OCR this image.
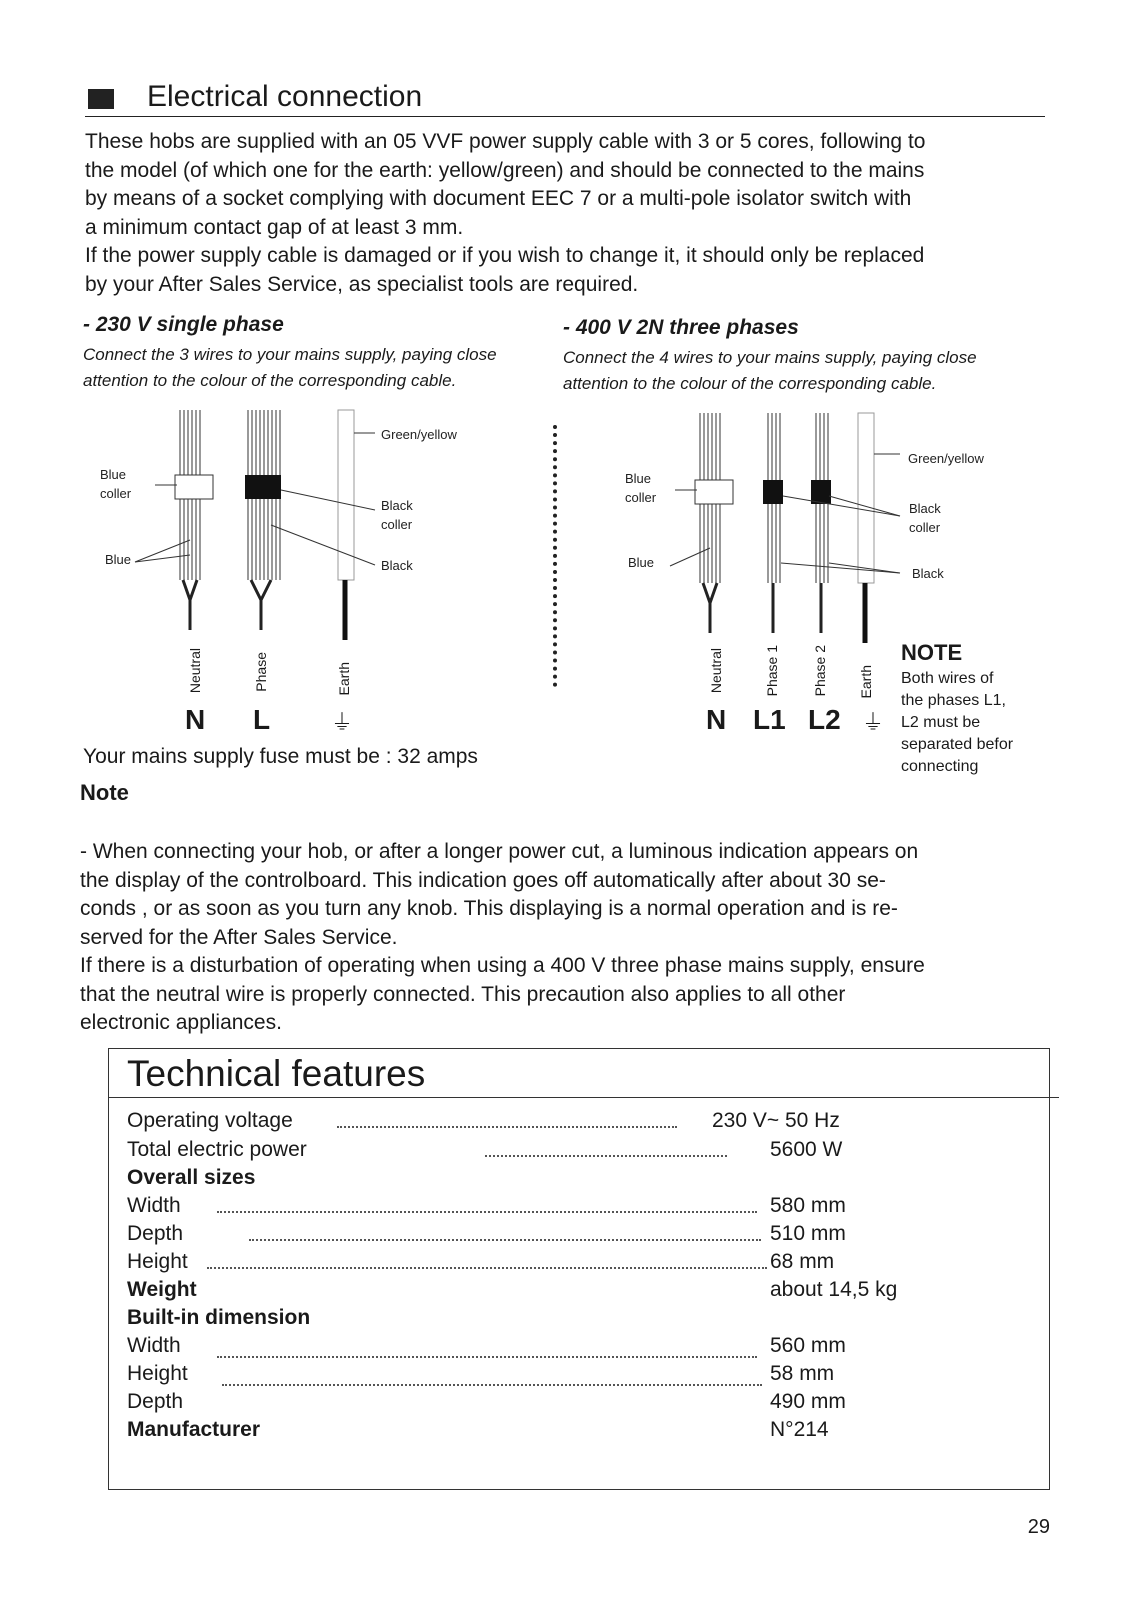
Electrical connection

These hobs are supplied with an 05 VVF power supply cable with 3 or 5 cores, following to

the model (of which one for the earth: yellow/green) and should be connected to the mains

by means of a socket complying with document EEC 7 or a multi-pole isolator switch with

a minimum contact gap of at least 3 mm.

If the power supply cable is damaged or if you wish to change it, it should only be replaced

by your After Sales Service, as specialist tools are required.

- 230 V single phase
Connect the 3 wires to your mains supply, paying close
attention to the colour of the corresponding cable.
- 400 V 2N three phases
Connect the 4 wires to your mains supply, paying close
attention to the colour of the corresponding cable.
Green/yellow
Blue
coller
Black
coller
Blue	Black
Neutral	Phase	Earth
N L	⏚
Green/yellow
Blue
coller
Black
coller
Blue
Black
Neutral	Phase 1 Phase 2 Earth
N L1 L2 ⏚
NOTE
Both wires of
the phases L1,
L2 must be
separated befor
connecting
Your mains supply fuse must be : 32 amps
Note

- When connecting your hob, or after a longer power cut, a luminous indication appears on

the display of the controlboard. This indication goes off automatically after about 30 se-

conds , or as soon as you turn any knob. This displaying is a normal operation and is re-

served for the After Sales Service.

If there is a disturbation of operating when using a 400 V three phase mains supply, ensure

that the neutral wire is properly connected. This precaution also applies to all other

electronic appliances.

Technical features
Operating voltage	230 V~ 50 Hz
Total electric power	5600 W
Overall sizes
Width	580 mm
Depth	510 mm
Height	68 mm
Weight	about 14,5 kg
Built-in dimension
Width	560 mm
Height	58 mm
Depth	490 mm
Manufacturer	N°214
29
